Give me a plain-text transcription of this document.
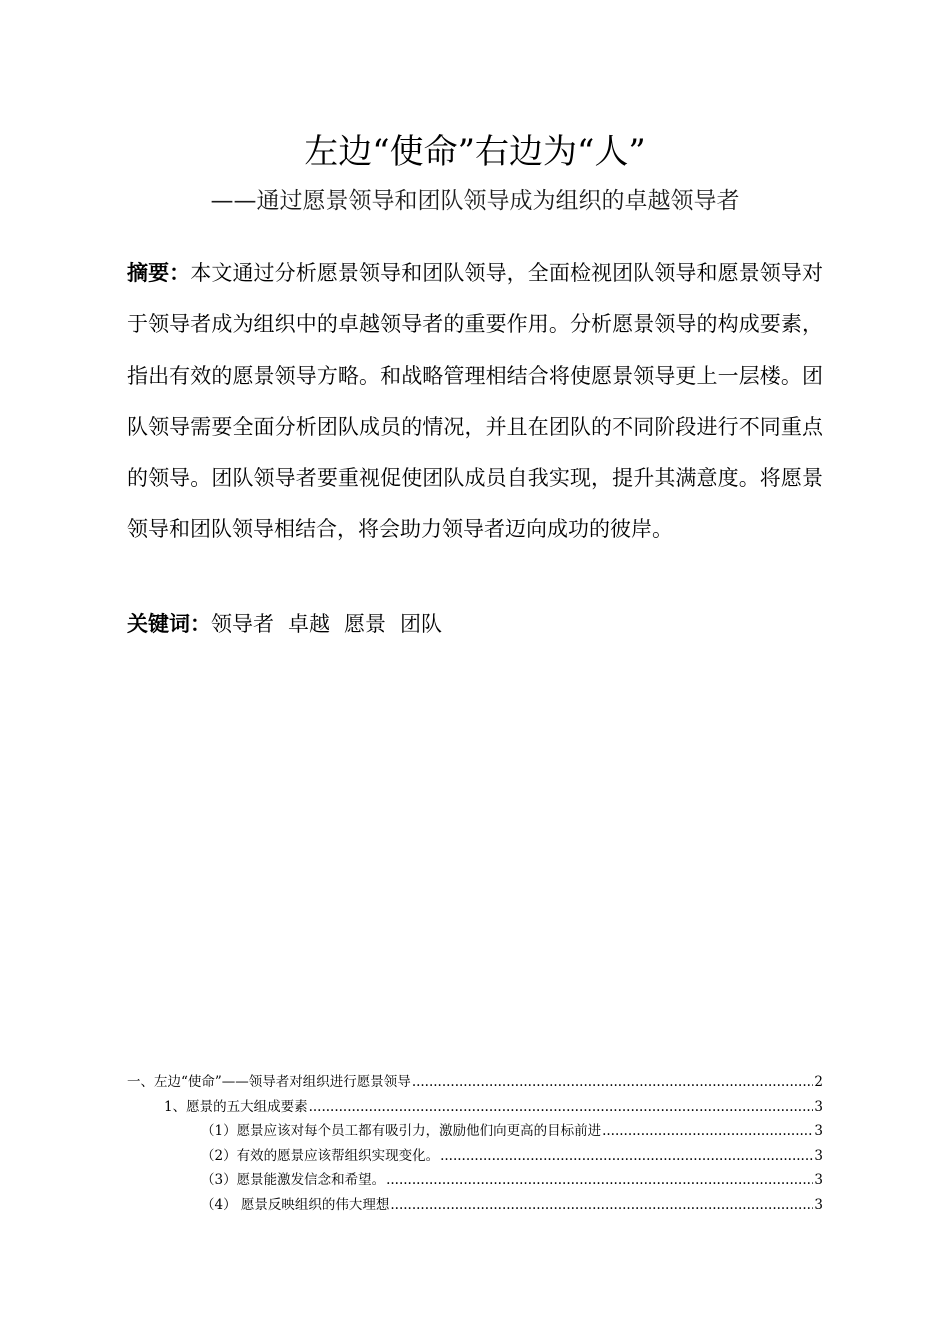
左边“使命”右边为“人”
——通过愿景领导和团队领导成为组织的卓越领导者
摘要：本文通过分析愿景领导和团队领导，全面检视团队领导和愿景领导对于领导者成为组织中的卓越领导者的重要作用。分析愿景领导的构成要素，指出有效的愿景领导方略。和战略管理相结合将使愿景领导更上一层楼。团队领导需要全面分析团队成员的情况，并且在团队的不同阶段进行不同重点的领导。团队领导者要重视促使团队成员自我实现，提升其满意度。将愿景领导和团队领导相结合，将会助力领导者迈向成功的彼岸。
关键词：领导者 卓越 愿景 团队
一、左边“使命”——领导者对组织进行愿景领导 .....	2
1、愿景的五大组成要素 .....	3
（1）愿景应该对每个员工都有吸引力，激励他们向更高的目标前进 .....	3
（2）有效的愿景应该帮组织实现变化。 .....	3
（3）愿景能激发信念和希望。 .....	3
（4） 愿景反映组织的伟大理想 .....	3
